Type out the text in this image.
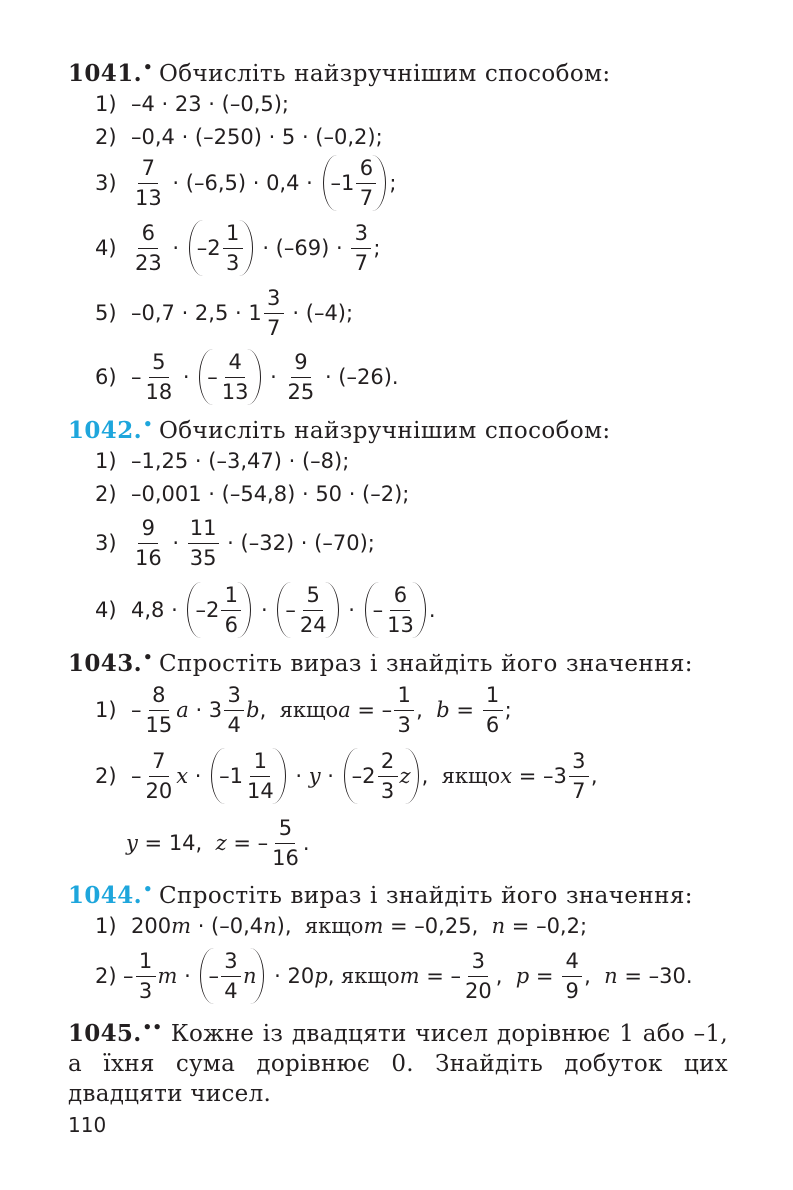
1041.• Обчисліть найзручнішим способом:
1) –4 · 23 · (–0,5);
2) –0,4 · (–250) · 5 · (–0,2);
$3) \frac{7}{13} \cdot (-6,5) \cdot 0,4 \cdot -1 \frac{6}{7}$ ;
$4) \frac{6}{23} \cdot -2 \frac{1}{3} \cdot (-69) \cdot \frac{3}{7}$ ;
5) $-0,7 \cdot 2,5 \cdot 1 \frac{3}{7} \cdot (-4)$;
$6) - \frac{5}{18}$ · – $\frac{4}{13} \cdot \frac{9}{25} \cdot (-26)$.
1042.• Обчисліть найзручнішим способом:
1) –1,25 · (–3,47) · (–8);
2) –0,001 · (–54,8) · 50 · (–2);
$3) \frac{9}{16} \cdot \frac{11}{35} \cdot (-32) \cdot (-70)$;
4) $4,8 \cdot -2 \frac{1}{6}$ · – $\frac{5}{24}$ · – $\frac{6}{13}$ .
1043.• Спростіть вираз і знайдіть його значення:
$1) - \frac{8}{15}$ $a \cdot 3 \frac{3}{4}$ b , якщо a = – $\frac{1}{3}$ , $b = \frac{1}{6}$ ;
$2) - \frac{7}{20}$ $x \cdot -1 \frac{1}{14} \cdot y \cdot -2 \frac{2}{3}$ z , якщо $x = -3 \frac{3}{7}$ ,
y = 14, z = – $\frac{5}{16}$ .
1044.• Спростіть вираз і знайдіть його значення:
1) 200 m · (–0,4 n ), якщо m = –0,25, n = –0,2;
$2) - \frac{1}{3}$ m · – $\frac{3}{4}$ n · 20 p , якщо m = – $\frac{3}{20}$ , $p = \frac{4}{9}$ , n = –30.
1045.•• Кожне із двадцяти чисел дорівнює 1 або –1, а їхня сума дорівнює 0. Знайдіть добуток цих двадцяти чисел.
110
